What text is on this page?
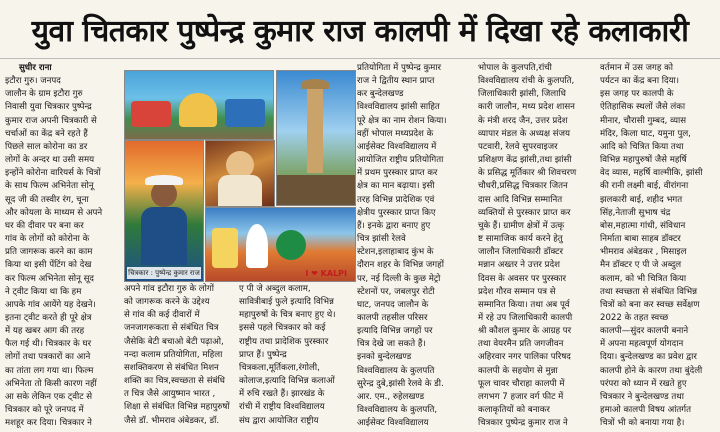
युवा चितकार पुष्पेन्द्र कुमार राज कालपी में दिखा रहे कलाकारी
सुधीर राना
इटौरा गुरु। जनपद
जालौन के ग्राम इटौरा गुरु
निवासी युवा चित्रकार पुष्पेन्द्र
कुमार राज अपनी चित्रकारी से
चर्चाओं का केंद्र बने रहते हैं
पिछले साल कोरोना का डर
लोगों के अन्दर था उसी समय
इन्होंने कोरोना वारियर्स के चित्रों
के साथ फिल्म अभिनेता सोनू
सूद जी की तस्वीर रंग, चूना
और कोयला के माध्यम से अपने
घर की दीवार पर बना कर
गांव के लोगों को कोरोना के
प्रति जागरूक करने का काम
किया था इसी पेंटिंग को देख
कर फिल्म अभिनेता सोनू सूद
ने ट्वीट किया था कि हम
आपके गांव आयेंगे यह देखने।
इतना ट्वीट करते ही पूरे क्षेत्र
में यह खबर आग की तरह
फैल गई थी। चित्रकार के घर
लोगों तथा पत्रकारों का आने
का तांता लग गया था। फिल्म
अभिनेता तो किसी कारण नहीं
आ सके लेकिन एक ट्वीट से
चित्रकार को पूरे जनपद में
मशहूर कर दिया। चित्रकार ने
चित्रकार : पुष्पेन्द्र कुमार राज	I ❤ KALPI
अपने गांव इटौरा गुरु के लोगों
को जागरूक करने के उद्देश्य
से गांव की कई दीवारों में
जनजागरूकता से संबंधित चित्र
जैसेकि बेटी बचाओ बेटी पढ़ाओ,
नन्दा कलाम प्रतियोगिता, महिला
सशक्तिकरण से संबंधित मिशन
शक्ति का चित्र,स्वच्छता से संबंधि
त चित्र जैसे आयुष्मान भारत ,
शिक्षा से संबंधित विभिन्न महापुरुषों
जैसे डॉ. भीमराव अंबेडकर, डॉ.
ए पी जे अब्दुल कलाम,
सावित्रीबाई फुले इत्यादि विभिन्न
महापुरुषों के चित्र बनाए हुए थे।
इससे पहले चित्रकार को कई
राष्ट्रीय तथा प्रादेशिक पुरस्कार
प्राप्त हैं। पुष्पेन्द्र
चित्रकला,मूर्तिकला,रंगोली,
कोलाज,इत्यादि विभिन्न कलाओं
में रुचि रखते हैं। झारखंड के
रांची में राष्ट्रीय विश्वविद्यालय
संघ द्वारा आयोजित राष्ट्रीय
प्रतियोगिता में पुष्पेन्द्र कुमार
राज ने द्वितीय स्थान प्राप्त
कर बुन्देलखण्ड
विश्वविद्यालय झांसी साहित
पूरे क्षेत्र का नाम रोशन किया।
वहीं भोपाल मध्यप्रदेश के
आईसेक्ट विश्वविद्यालय में
आयोजित राष्ट्रीय प्रतियोगिता
में प्रथम पुरस्कार प्राप्त कर
क्षेत्र का मान बढ़ाया। इसी
तरह विभिन्न प्रादेशिक एवं
क्षेत्रीय पुरस्कार प्राप्त किए
हैं। इनके द्वारा बनाए हुए
चित्र झांसी रेलवे
स्टेशन,इलाहाबाद कुंभ के
दौरान शहर के विभिन्न जगहों
पर, नई दिल्ली के कुछ मेट्रो
स्टेशनों पर, जबलपुर रोटी
घाट, जनपद जालौन के
कालपी तहसील परिसर
इत्यादि विभिन्न जगहों पर
चित्र देखे जा सकते हैं।
इनको बुन्देलखण्ड
विश्वविद्यालय के कुलपति
सुरेन्द्र दुबे,झांसी रेलवे के डी.
आर. एम., रुहेलखण्ड
विश्वविद्यालय के कुलपति,
आईसेक्ट विश्वविद्यालय
भोपाल के कुलपति,रांची
विश्वविद्यालय रांची के कुलपति,
जिलाधिकारी झांसी, जिलाधि
कारी जालौन, मध्य प्रदेश शासन
के मंत्री शरद जैन, उत्तर प्रदेश
व्यापार मंडल के अध्यक्ष संजय
पटवारी, रेलवे सुपरवाइजर
प्रशिक्षण केंद्र झांसी,तथा झांसी
के प्रसिद्ध मूर्तिकार श्री शिवचरण
चौधरी,प्रसिद्ध चित्रकार जितन
दास आदि विभिन्न सम्मानित
व्यक्तियों से पुरस्कार प्राप्त कर
चुके हैं। ग्रामीण क्षेत्रों में उत्कृ
ष्ट सामाजिक कार्य करने हेतु
जालौन जिलाधिकारी डॉक्टर
मन्नान अख्तर ने उत्तर प्रदेश
दिवस के अवसर पर पुरस्कार
प्रदेश गौरव सम्मान पत्र से
सम्मानित किया। तथा अब पूर्व
में रहे उप जिलाधिकारी कालपी
श्री कौशल कुमार के आग्रह पर
तथा वेयरमैन प्रति जगजीवन
अहिरवार नगर पालिका परिषद
कालपी के सहयोग से मुन्ना
फूल चावर चौराहा कालपी में
लगभग 7 हजार वर्ग फीट में
कलाकृतियों को बनाकर
चित्रकार पुष्पेन्द्र कुमार राज ने
वर्तमान में उस जगह को
पर्यटन का केंद्र बना दिया।
इस जगह पर कालपी के
ऐतिहासिक स्थलों जैसे लंका
मीनार, चौरासी गुम्बद, व्यास
मंदिर, किला घाट, यमुना पुल,
आदि को चित्रित किया तथा
विभिन्न महापुरुषों जैसे महर्षि
वेद व्यास, महर्षि वाल्मीकि, झांसी
की रानी लक्ष्मी बाई, वीरांगना
झलकारी बाई, शहीद भगत
सिंह,नेताजी सुभाष चंद्र
बोस,महात्मा गांधी, संविधान
निर्माता बाबा साहब डॉक्टर
भीमराव अंबेडकर , मिसाइल
मैन डॉक्टर ए पी जे अब्दुल
कलाम, को भी चित्रित किया
तथा स्वच्छता से संबंधित विभिन्न
चित्रों को बना कर स्वच्छ सर्वेक्षण
2022 के तहत स्वच्छ
कालपी—सुंदर कालपी बनाने
में अपना महत्वपूर्ण योगदान
दिया। बुन्देलखण्ड का प्रवेश द्वार
कालपी होने के कारण तथा बुंदेली
परंपरा को ध्यान में रखते हुए
चित्रकार ने बुन्देलखण्ड तथा
हमाओ कालपी विषय आंतर्गत
चित्रों भी को बनाया गया है।
